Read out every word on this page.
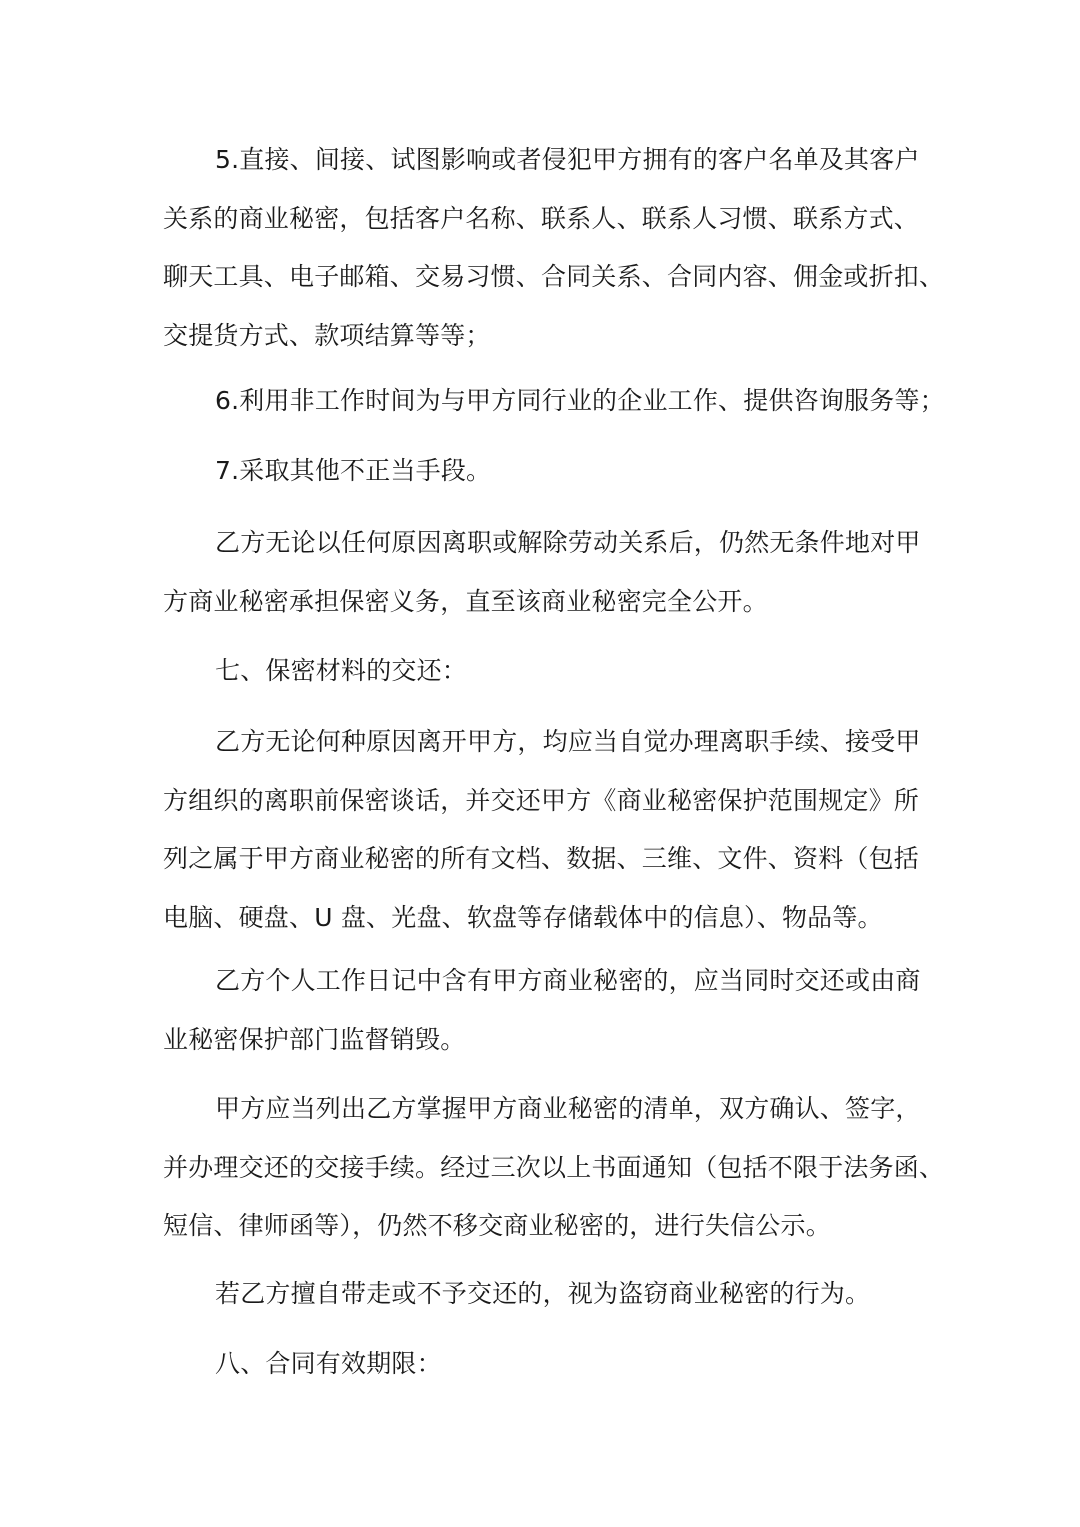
5.直接、间接、试图影响或者侵犯甲方拥有的客户名单及其客户
关系的商业秘密，包括客户名称、联系人、联系人习惯、联系方式、
聊天工具、电子邮箱、交易习惯、合同关系、合同内容、佣金或折扣、
交提货方式、款项结算等等；
6.利用非工作时间为与甲方同行业的企业工作、提供咨询服务等；
7.采取其他不正当手段。
乙方无论以任何原因离职或解除劳动关系后，仍然无条件地对甲
方商业秘密承担保密义务，直至该商业秘密完全公开。
七、保密材料的交还：
乙方无论何种原因离开甲方，均应当自觉办理离职手续、接受甲
方组织的离职前保密谈话，并交还甲方《商业秘密保护范围规定》所
列之属于甲方商业秘密的所有文档、数据、三维、文件、资料（包括
电脑、硬盘、U 盘、光盘、软盘等存储载体中的信息）、物品等。
乙方个人工作日记中含有甲方商业秘密的，应当同时交还或由商
业秘密保护部门监督销毁。
甲方应当列出乙方掌握甲方商业秘密的清单，双方确认、签字，
并办理交还的交接手续。经过三次以上书面通知（包括不限于法务函、
短信、律师函等），仍然不移交商业秘密的，进行失信公示。
若乙方擅自带走或不予交还的，视为盗窃商业秘密的行为。
八、合同有效期限：
